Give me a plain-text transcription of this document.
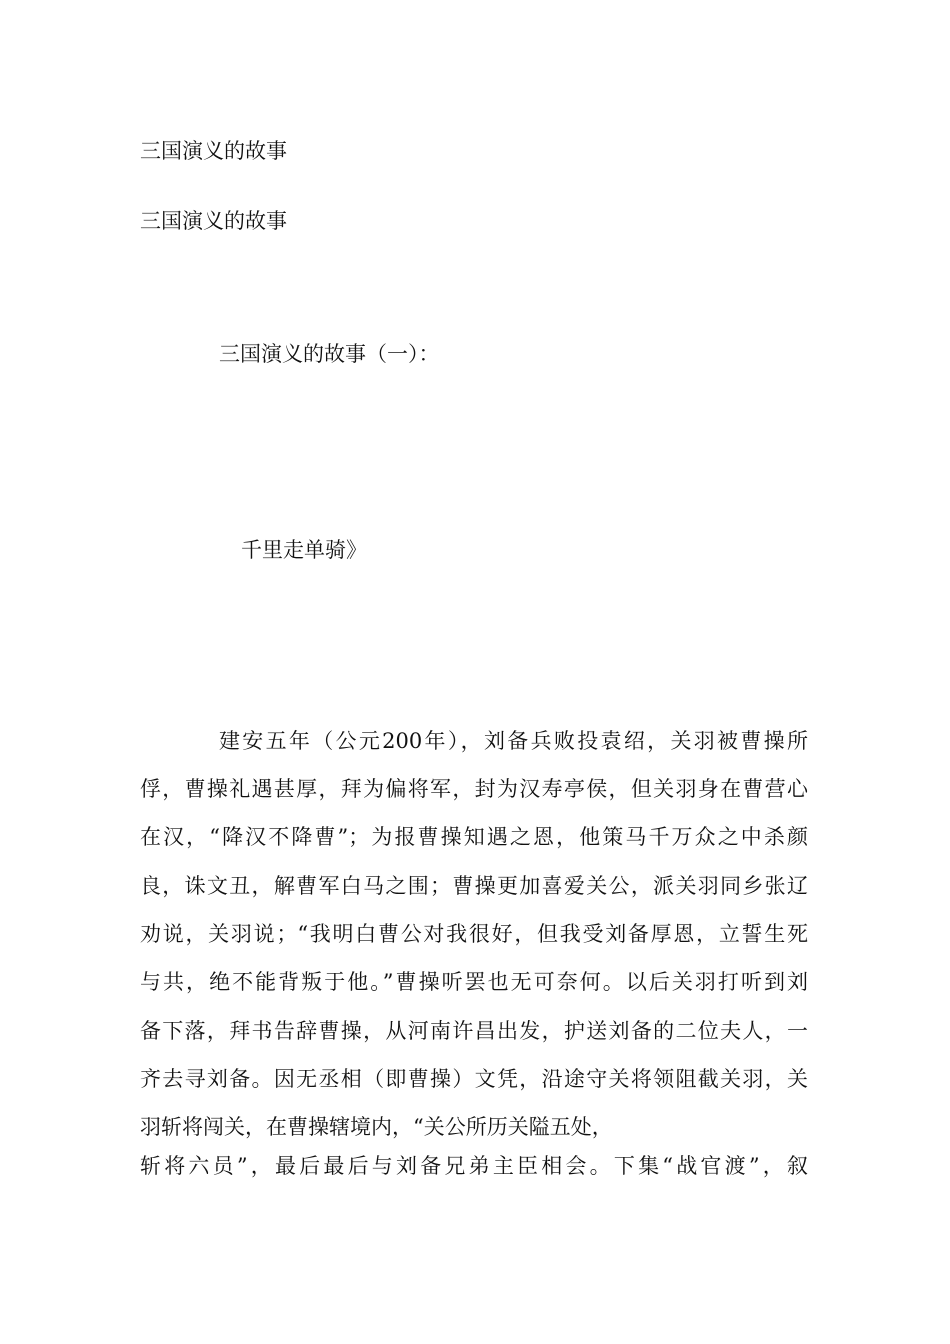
三国演义的故事

三国演义的故事

三国演义的故事（一）：

千里走单骑》

建安五年（公元200年），刘备兵败投袁绍，关羽被曹操所

俘，曹操礼遇甚厚，拜为偏将军，封为汉寿亭侯，但关羽身在曹营心

在汉，“降汉不降曹”；为报曹操知遇之恩，他策马千万众之中杀颜

良，诛文丑，解曹军白马之围；曹操更加喜爱关公，派关羽同乡张辽

劝说，关羽说；“我明白曹公对我很好，但我受刘备厚恩，立誓生死

与共，绝不能背叛于他。”曹操听罢也无可奈何。以后关羽打听到刘

备下落，拜书告辞曹操，从河南许昌出发，护送刘备的二位夫人，一

齐去寻刘备。因无丞相（即曹操）文凭，沿途守关将领阻截关羽，关

羽斩将闯关，在曹操辖境内，“关公所历关隘五处，

斩将六员”，最后最后与刘备兄弟主臣相会。下集“战官渡”，叙
